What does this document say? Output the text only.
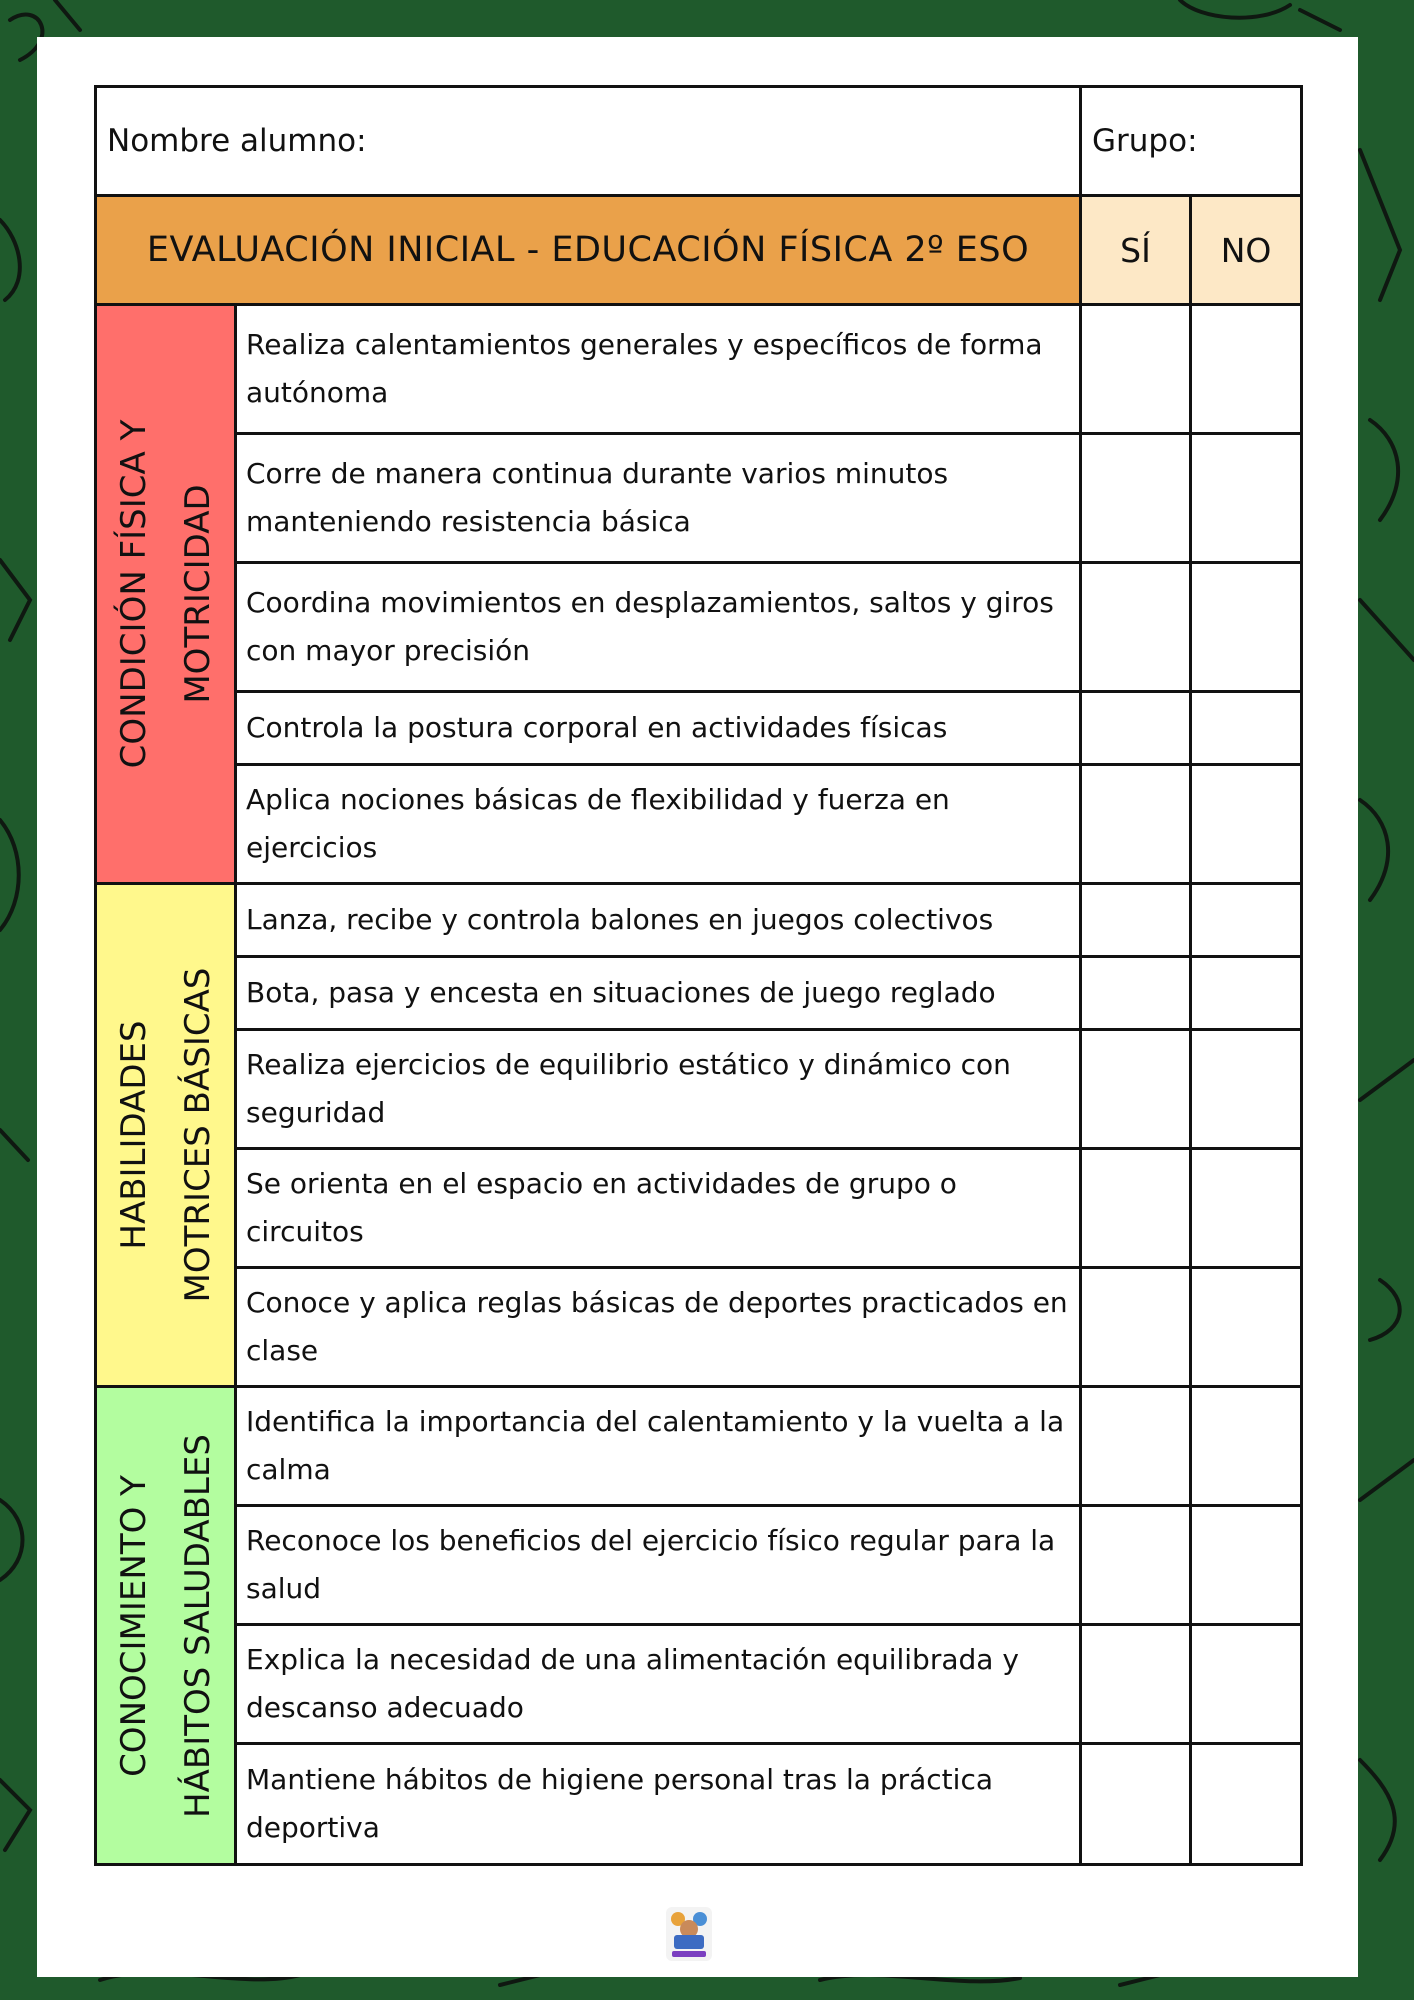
Nombre alumno:		Grupo:	
EVALUACIÓN INICIAL - EDUCACIÓN FÍSICA 2º ESO		SÍ	NO

CONDICIÓN FÍSICA Y MOTRICIDAD	Realiza calentamientos generales y específicos de forma autónoma		
	Corre de manera continua durante varios minutos manteniendo resistencia básica		
	Coordina movimientos en desplazamientos, saltos y giros con mayor precisión		
	Controla la postura corporal en actividades físicas		
	Aplica nociones básicas de flexibilidad y fuerza en ejercicios		

HABILIDADES MOTRICES BÁSICAS	Lanza, recibe y controla balones en juegos colectivos		
	Bota, pasa y encesta en situaciones de juego reglado		
	Realiza ejercicios de equilibrio estático y dinámico con seguridad		
	Se orienta en el espacio en actividades de grupo o circuitos		
	Conoce y aplica reglas básicas de deportes practicados en clase		

CONOCIMIENTO Y HÁBITOS SALUDABLES	Identifica la importancia del calentamiento y la vuelta a la calma		
	Reconoce los beneficios del ejercicio físico regular para la salud		
	Explica la necesidad de una alimentación equilibrada y descanso adecuado		
	Mantiene hábitos de higiene personal tras la práctica deportiva		
